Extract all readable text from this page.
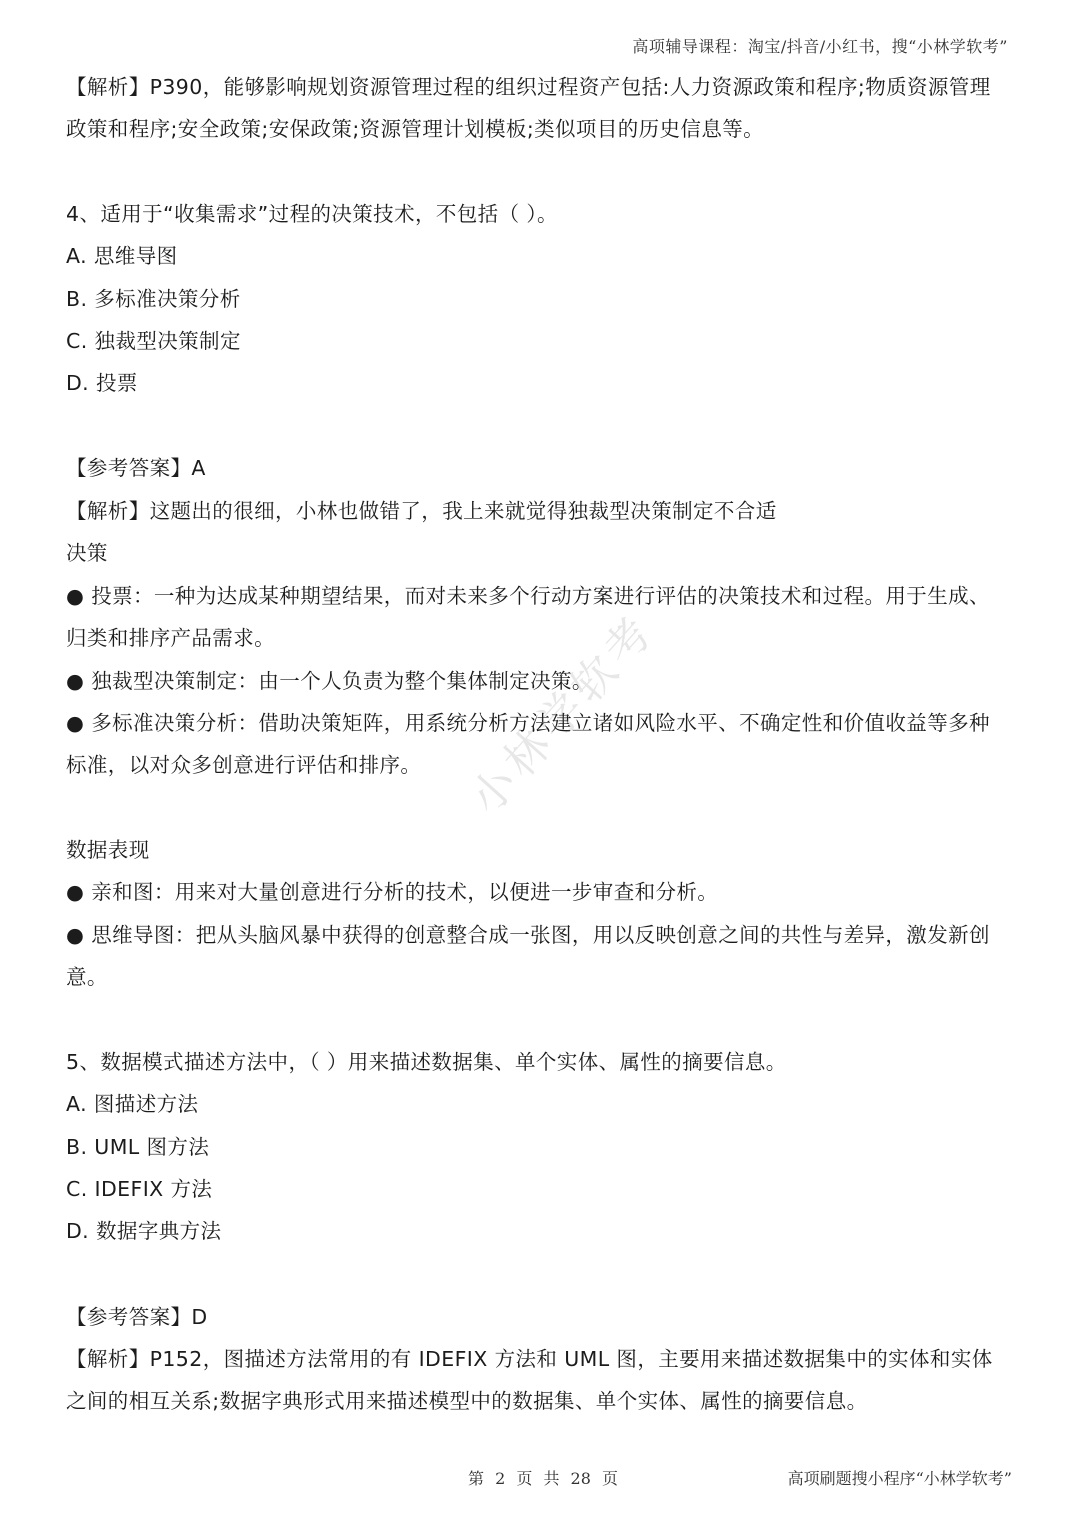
高项辅导课程：淘宝/抖音/小红书，搜“小林学软考”
【解析】P390，能够影响规划资源管理过程的组织过程资产包括:人力资源政策和程序;物质资源管理
政策和程序;安全政策;安保政策;资源管理计划模板;类似项目的历史信息等。
4、适用于“收集需求”过程的决策技术，不包括（ ）。
A. 思维导图
B. 多标准决策分析
C. 独裁型决策制定
D. 投票
【参考答案】A
【解析】这题出的很细，小林也做错了，我上来就觉得独裁型决策制定不合适
决策
● 投票：一种为达成某种期望结果，而对未来多个行动方案进行评估的决策技术和过程。用于生成、
归类和排序产品需求。
● 独裁型决策制定：由一个人负责为整个集体制定决策。
● 多标准决策分析：借助决策矩阵，用系统分析方法建立诸如风险水平、不确定性和价值收益等多种
标准，以对众多创意进行评估和排序。
数据表现
● 亲和图：用来对大量创意进行分析的技术，以便进一步审查和分析。
● 思维导图：把从头脑风暴中获得的创意整合成一张图，用以反映创意之间的共性与差异，激发新创
意。
5、数据模式描述方法中，（ ）用来描述数据集、单个实体、属性的摘要信息。
A. 图描述方法
B. UML 图方法
C. IDEFIX 方法
D. 数据字典方法
【参考答案】D
【解析】P152，图描述方法常用的有 IDEFIX 方法和 UML 图，主要用来描述数据集中的实体和实体
之间的相互关系;数据字典形式用来描述模型中的数据集、单个实体、属性的摘要信息。
小林学软考
第 2 页 共 28 页	高项刷题搜小程序“小林学软考”
